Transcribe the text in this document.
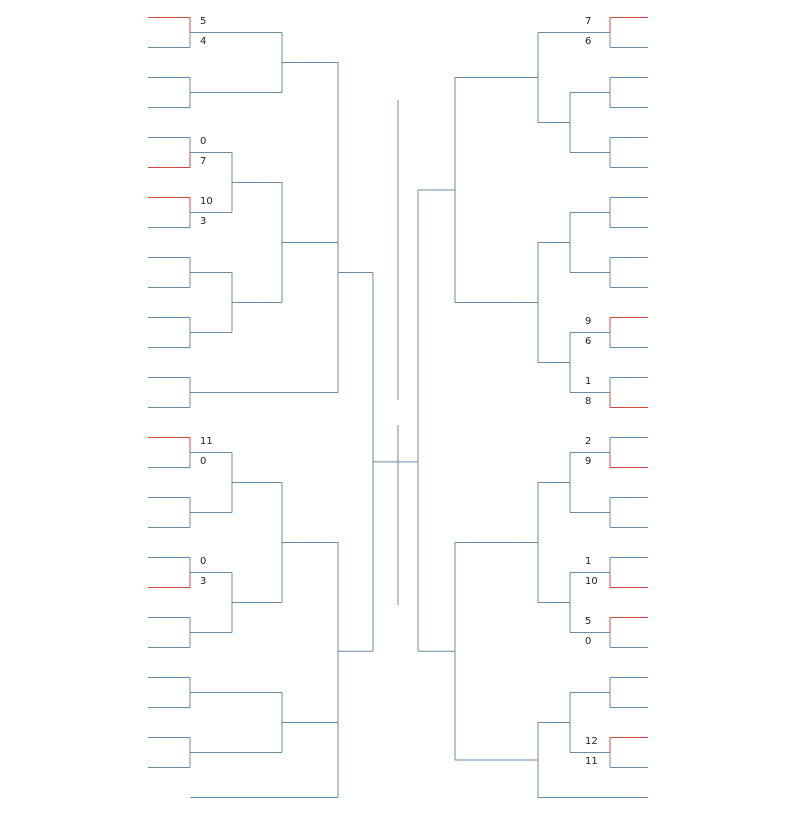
5
4
0
7
10
3
11
0
0
3
7
6
9
6
1
8
2
9
1
10
5
0
12
11
